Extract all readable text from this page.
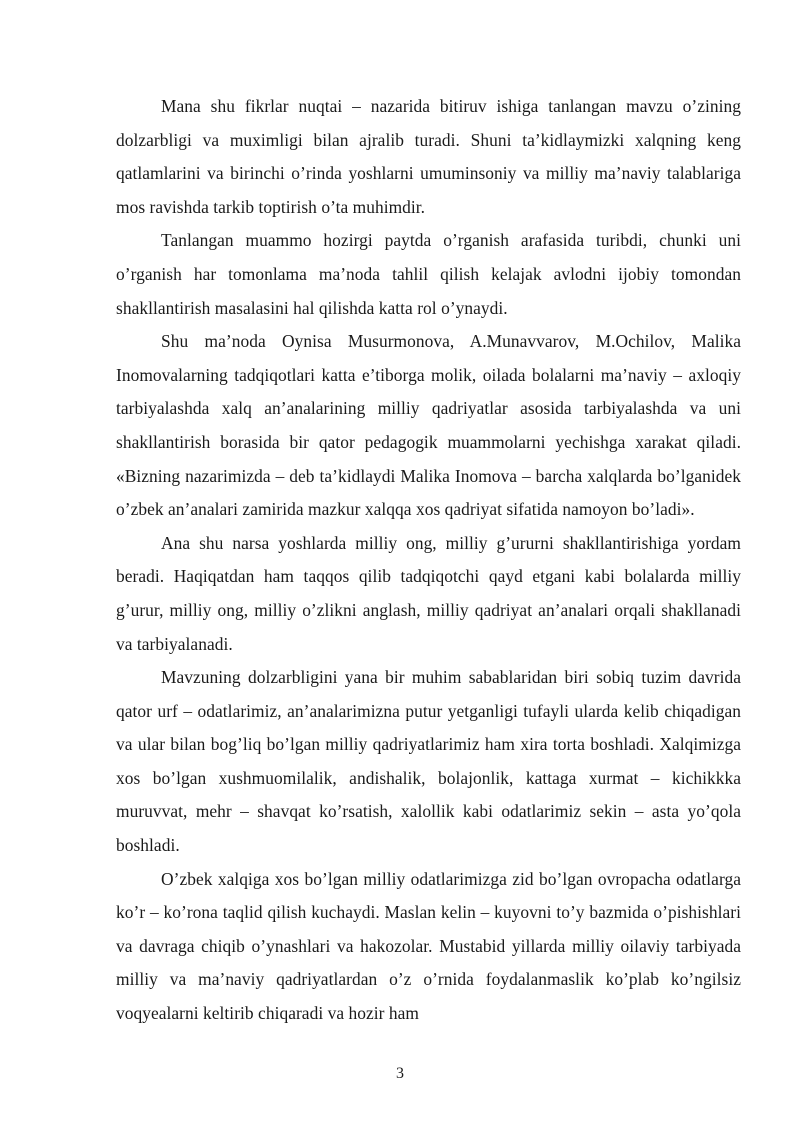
Mana shu fikrlar nuqtai – nazarida bitiruv ishiga tanlangan mavzu o’zining dolzarbligi va muximligi bilan ajralib turadi. Shuni ta’kidlaymizki xalqning keng qatlamlarini va birinchi o’rinda yoshlarni umuminsoniy va milliy ma’naviy talablariga mos ravishda tarkib toptirish o’ta muhimdir.

Tanlangan muammo hozirgi paytda o’rganish arafasida turibdi, chunki uni o’rganish har tomonlama ma’noda tahlil qilish kelajak avlodni ijobiy tomondan shakllantirish masalasini hal qilishda katta rol o’ynaydi.

Shu ma’noda Oynisa Musurmonova, A.Munavvarov, M.Ochilov, Malika Inomovalarning tadqiqotlari katta e’tiborga molik, oilada bolalarni ma’naviy – axloqiy tarbiyalashda xalq an’analarining milliy qadriyatlar asosida tarbiyalashda va uni shakllantirish borasida bir qator pedagogik muammolarni yechishga xarakat qiladi. «Bizning nazarimizda – deb ta’kidlaydi Malika Inomova – barcha xalqlarda bo’lganidek o’zbek an’analari zamirida mazkur xalqqa xos qadriyat sifatida namoyon bo’ladi».

Ana shu narsa yoshlarda milliy ong, milliy g’ururni shakllantirishiga yordam beradi. Haqiqatdan ham taqqos qilib tadqiqotchi qayd etgani kabi bolalarda milliy g’urur, milliy ong, milliy o’zlikni anglash, milliy qadriyat an’analari orqali shakllanadi va tarbiyalanadi.

Mavzuning dolzarbligini yana bir muhim sabablaridan biri sobiq tuzim davrida qator urf – odatlarimiz, an’analarimizna putur yetganligi tufayli ularda kelib chiqadigan va ular bilan bog’liq bo’lgan milliy qadriyatlarimiz ham xira torta boshladi. Xalqimizga xos bo’lgan xushmuomilalik, andishalik, bolajonlik, kattaga xurmat – kichikkka muruvvat, mehr – shavqat ko’rsatish, xalollik kabi odatlarimiz sekin – asta yo’qola boshladi.

O’zbek xalqiga xos bo’lgan milliy odatlarimizga zid bo’lgan ovropacha odatlarga ko’r – ko’rona taqlid qilish kuchaydi. Maslan kelin – kuyovni to’y bazmida o’pishishlari va davraga chiqib o’ynashlari va hakozolar. Mustabid yillarda milliy oilaviy tarbiyada milliy va ma’naviy qadriyatlardan o’z o’rnida foydalanmaslik ko’plab ko’ngilsiz voqyealarni keltirib chiqaradi va hozir ham

3
